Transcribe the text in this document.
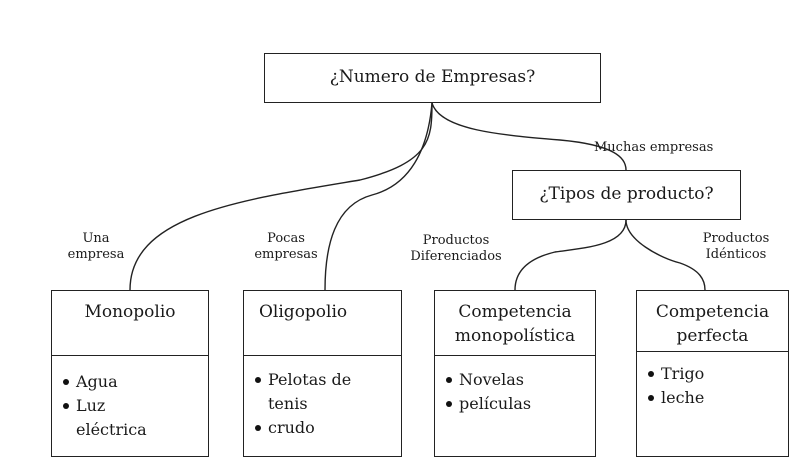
¿Numero de Empresas?
¿Tipos de producto?
Una
empresa
Pocas
empresas
Muchas empresas
Productos
Diferenciados
Productos
Idénticos
Monopolio
Agua
Luz eléctrica
Oligopolio
Pelotas de tenis
crudo
Competencia
monopolística
Novelas
películas
Competencia
perfecta
Trigo
leche
